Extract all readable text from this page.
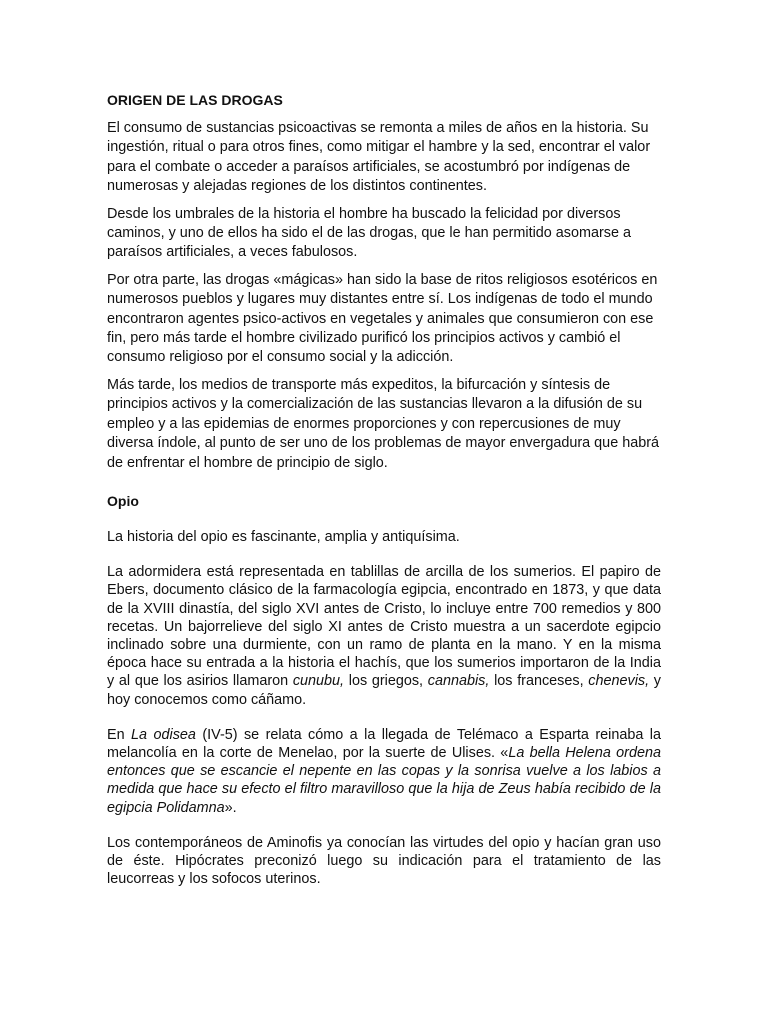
ORIGEN DE LAS DROGAS

El consumo de sustancias psicoactivas se remonta a miles de años en la historia. Su ingestión, ritual o para otros fines, como mitigar el hambre y la sed, encontrar el valor para el combate o acceder a paraísos artificiales, se acostumbró por indígenas de numerosas y alejadas regiones de los distintos continentes.

Desde los umbrales de la historia el hombre ha buscado la felicidad por diversos caminos, y uno de ellos ha sido el de las drogas, que le han permitido asomarse a paraísos artificiales, a veces fabulosos.

Por otra parte, las drogas «mágicas» han sido la base de ritos religiosos esotéricos en numerosos pueblos y lugares muy distantes entre sí. Los indígenas de todo el mundo encontraron agentes psico-activos en vegetales y animales que consumieron con ese fin, pero más tarde el hombre civilizado purificó los principios activos y cambió el consumo religioso por el consumo social y la adicción.

Más tarde, los medios de transporte más expeditos, la bifurcación y síntesis de principios activos y la comercialización de las sustancias llevaron a la difusión de su empleo y a las epidemias de enormes proporciones y con repercusiones de muy diversa índole, al punto de ser uno de los problemas de mayor envergadura que habrá de enfrentar el hombre de principio de siglo.

Opio

La historia del opio es fascinante, amplia y antiquísima.

La adormidera está representada en tablillas de arcilla de los sumerios. El papiro de Ebers, documento clásico de la farmacología egipcia, encontrado en 1873, y que data de la XVIII dinastía, del siglo XVI antes de Cristo, lo incluye entre 700 remedios y 800 recetas. Un bajorrelieve del siglo XI antes de Cristo muestra a un sacerdote egipcio inclinado sobre una durmiente, con un ramo de planta en la mano. Y en la misma época hace su entrada a la historia el hachís, que los sumerios importaron de la India y al que los asirios llamaron cunubu, los griegos, cannabis, los franceses, chenevis, y hoy conocemos como cáñamo.

En La odisea (IV-5) se relata cómo a la llegada de Telémaco a Esparta reinaba la melancolía en la corte de Menelao, por la suerte de Ulises. «La bella Helena ordena entonces que se escancie el nepente en las copas y la sonrisa vuelve a los labios a medida que hace su efecto el filtro maravilloso que la hija de Zeus había recibido de la egipcia Polidamna».

Los contemporáneos de Aminofis ya conocían las virtudes del opio y hacían gran uso de éste. Hipócrates preconizó luego su indicación para el tratamiento de las leucorreas y los sofocos uterinos.
